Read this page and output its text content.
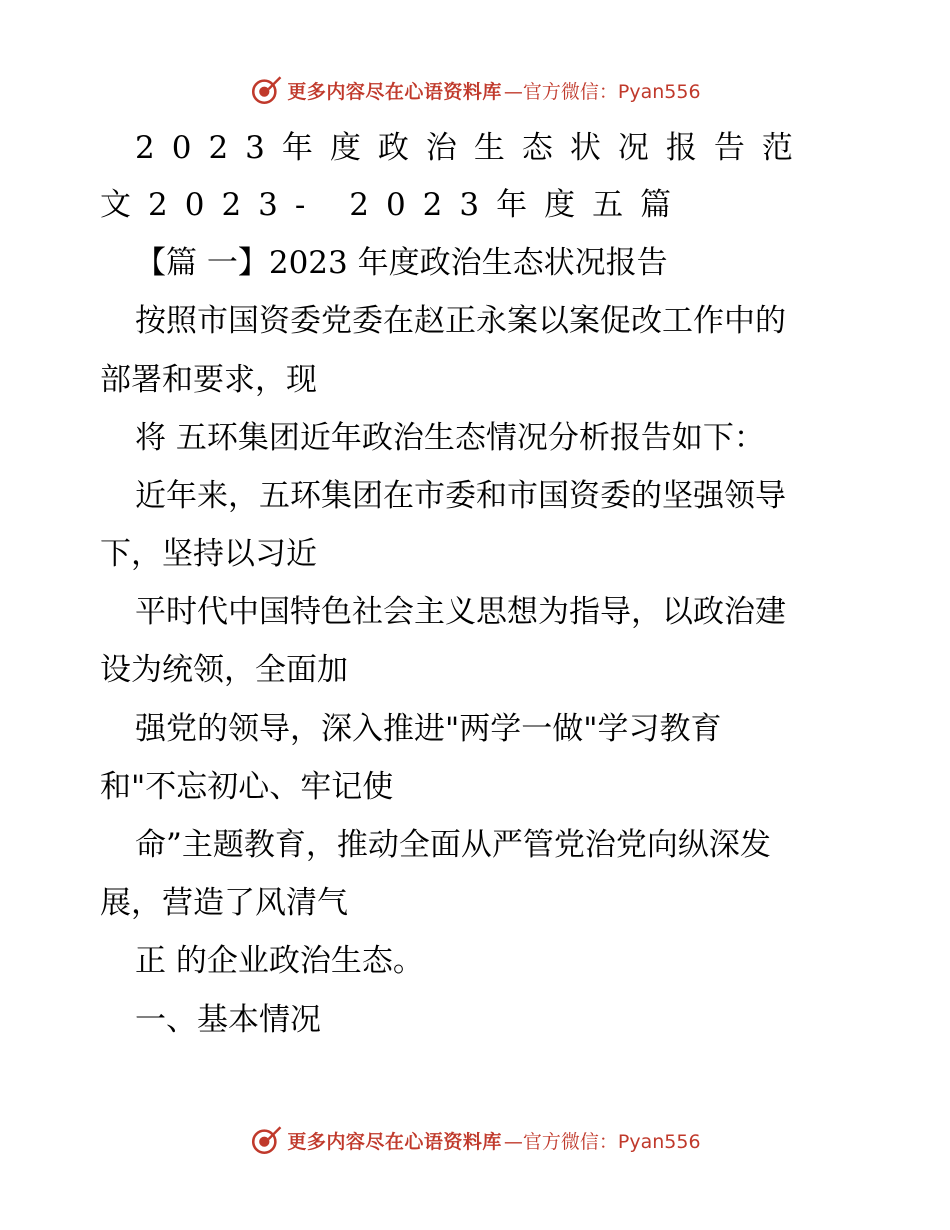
更多内容尽在心语资料库 —官方微信：Pyan556
2023年度政治生态状况报告范
文2023- 2023年度五篇
【篇 一】2023 年度政治生态状况报告
按照市国资委党委在赵正永案以案促改工作中的
部署和要求，现
将 五环集团近年政治生态情况分析报告如下：
近年来，五环集团在市委和市国资委的坚强领导
下，坚持以习近
平时代中国特色社会主义思想为指导，以政治建
设为统领，全面加
强党的领导，深入推进"两学一做"学习教育
和"不忘初心、牢记使
命”主题教育，推动全面从严管党治党向纵深发
展，营造了风清气
正 的企业政治生态。
一、基本情况
更多内容尽在心语资料库 —官方微信：Pyan556
